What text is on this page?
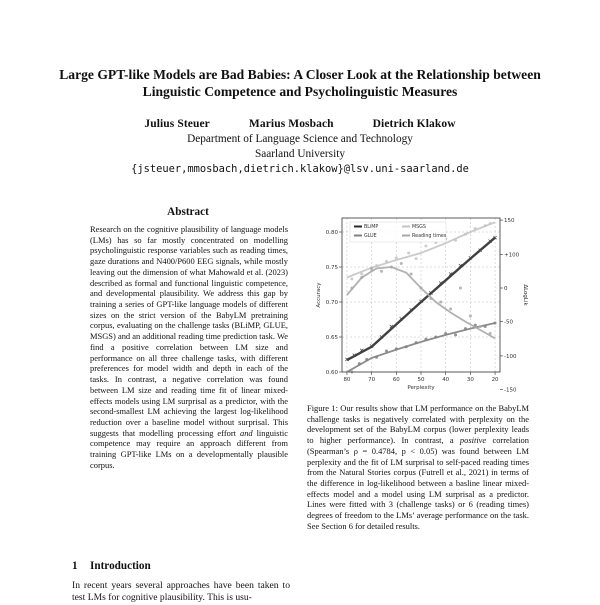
Large GPT-like Models are Bad Babies: A Closer Look at the Relationship between Linguistic Competence and Psycholinguistic Measures
Julius Steuer	Marius Mosbach	Dietrich Klakow
Department of Language Science and Technology
Saarland University
{jsteuer,mmosbach,dietrich.klakow}@lsv.uni-saarland.de
Abstract
Research on the cognitive plausibility of language models (LMs) has so far mostly concentrated on modelling psycholinguistic response variables such as reading times, gaze durations and N400/P600 EEG signals, while mostly leaving out the dimension of what Mahowald et al. (2023) described as formal and functional linguistic competence, and developmental plausibility. We address this gap by training a series of GPT-like language models of different sizes on the strict version of the BabyLM pretraining corpus, evaluating on the challenge tasks (BLiMP, GLUE, MSGS) and an additional reading time prediction task. We find a positive correlation between LM size and performance on all three challenge tasks, with different preferences for model width and depth in each of the tasks. In contrast, a negative correlation was found between LM size and reading time fit of linear mixed-effects models using LM surprisal as a predictor, with the second-smallest LM achieving the largest log-likelihood reduction over a baseline model without surprisal. This suggests that modelling processing effort and linguistic competence may require an approach different from training GPT-like LMs on a developmentally plausible corpus.
1 Introduction
In recent years several approaches have been taken to test LMs for cognitive plausibility. This is usu-
0.60
0.65
0.70
0.75
0.80
-150
-100
-50
0
+100
150
80	70	60	50	40	30	20
Perplexity
Accuracy	ΔLogLik
BLiMP	MSGS
GLUE	Reading times
Figure 1: Our results show that LM performance on the BabyLM challenge tasks is negatively correlated with perplexity on the development set of the BabyLM corpus (lower perplexity leads to higher performance). In contrast, a positive correlation (Spearman’s ρ = 0.4784, p < 0.05) was found between LM perplexity and the fit of LM surprisal to self-paced reading times from the Natural Stories corpus (Futrell et al., 2021) in terms of the difference in log-likelihood between a basline linear mixed-effects model and a model using LM surprisal as a predictor. Lines were fitted with 3 (challenge tasks) or 6 (reading times) degrees of freedom to the LMs’ average performance on the task. See Section 6 for detailed results.
